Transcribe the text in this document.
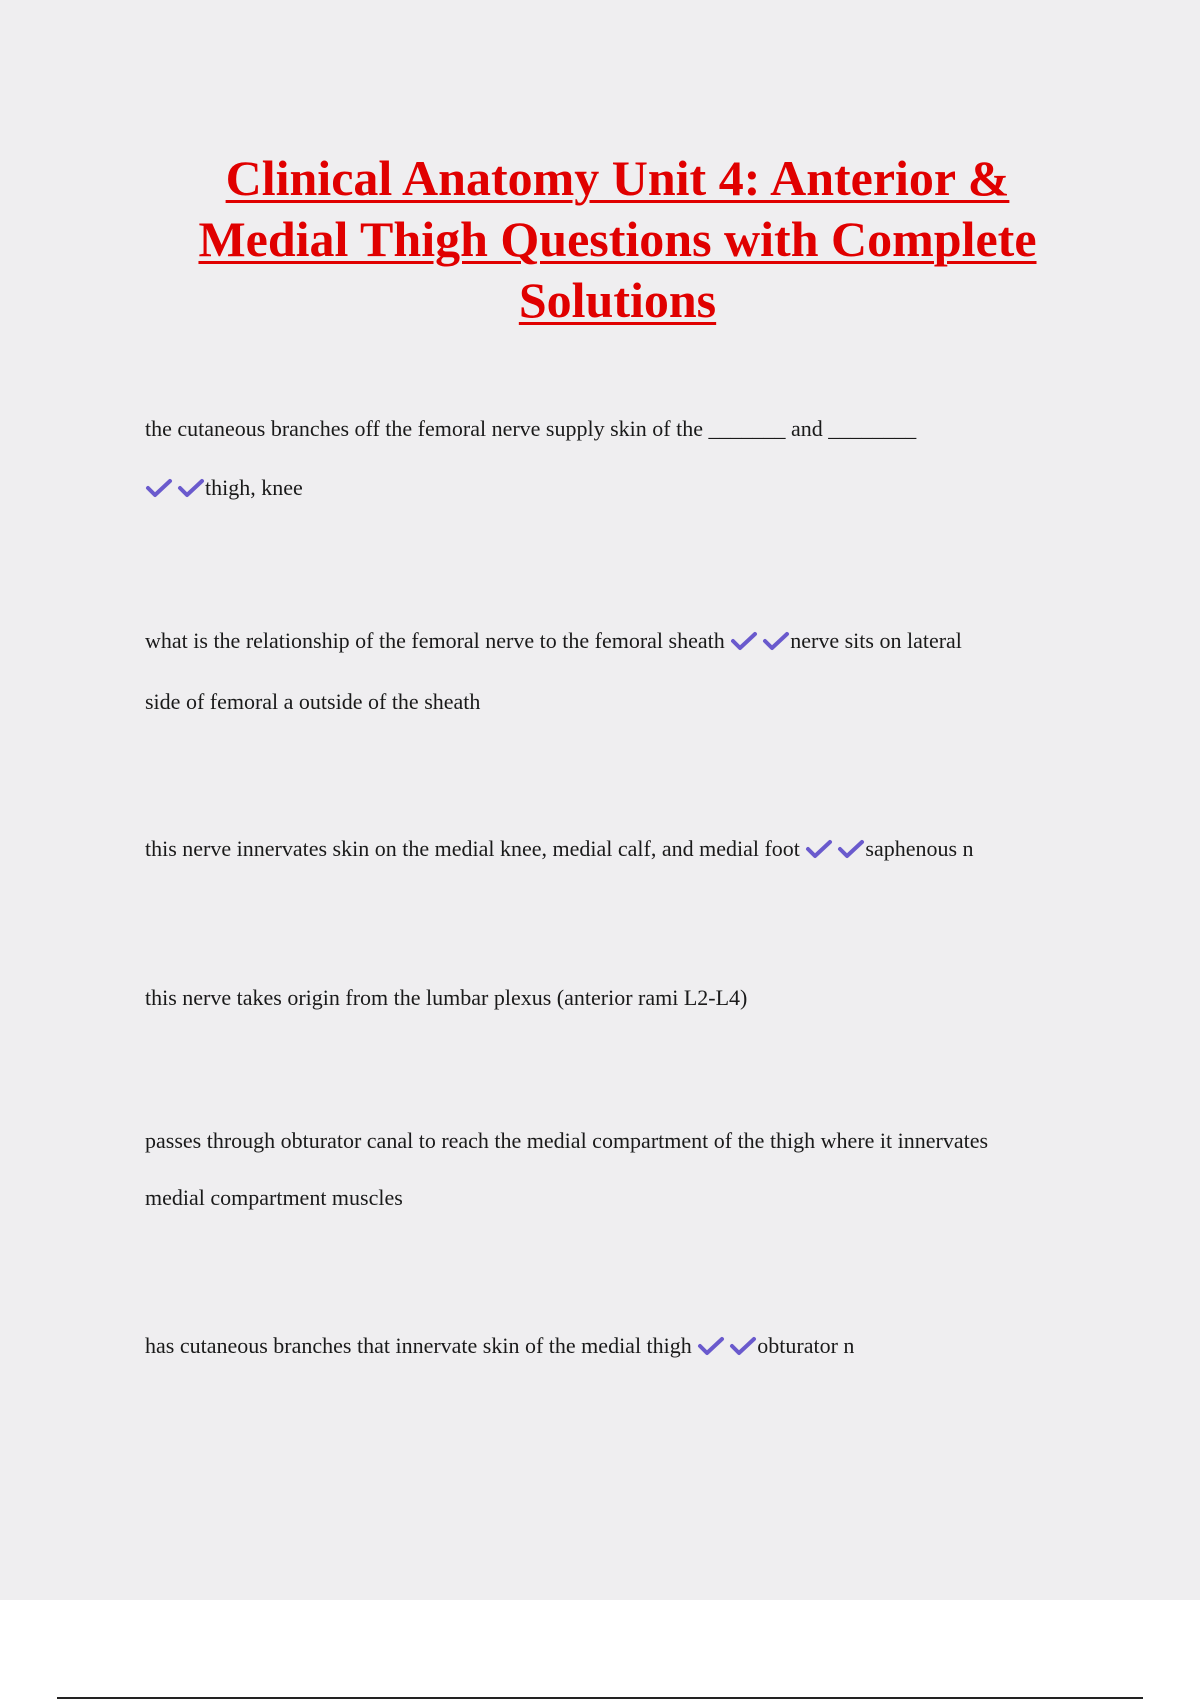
Clinical Anatomy Unit 4: Anterior &
Medial Thigh Questions with Complete
Solutions
the cutaneous branches off the femoral nerve supply skin of the _______ and ________
thigh, knee
what is the relationship of the femoral nerve to the femoral sheath	nerve sits on lateral
side of femoral a outside of the sheath
this nerve innervates skin on the medial knee, medial calf, and medial foot	saphenous n
this nerve takes origin from the lumbar plexus (anterior rami L2-L4)
passes through obturator canal to reach the medial compartment of the thigh where it innervates
medial compartment muscles
has cutaneous branches that innervate skin of the medial thigh	obturator n
